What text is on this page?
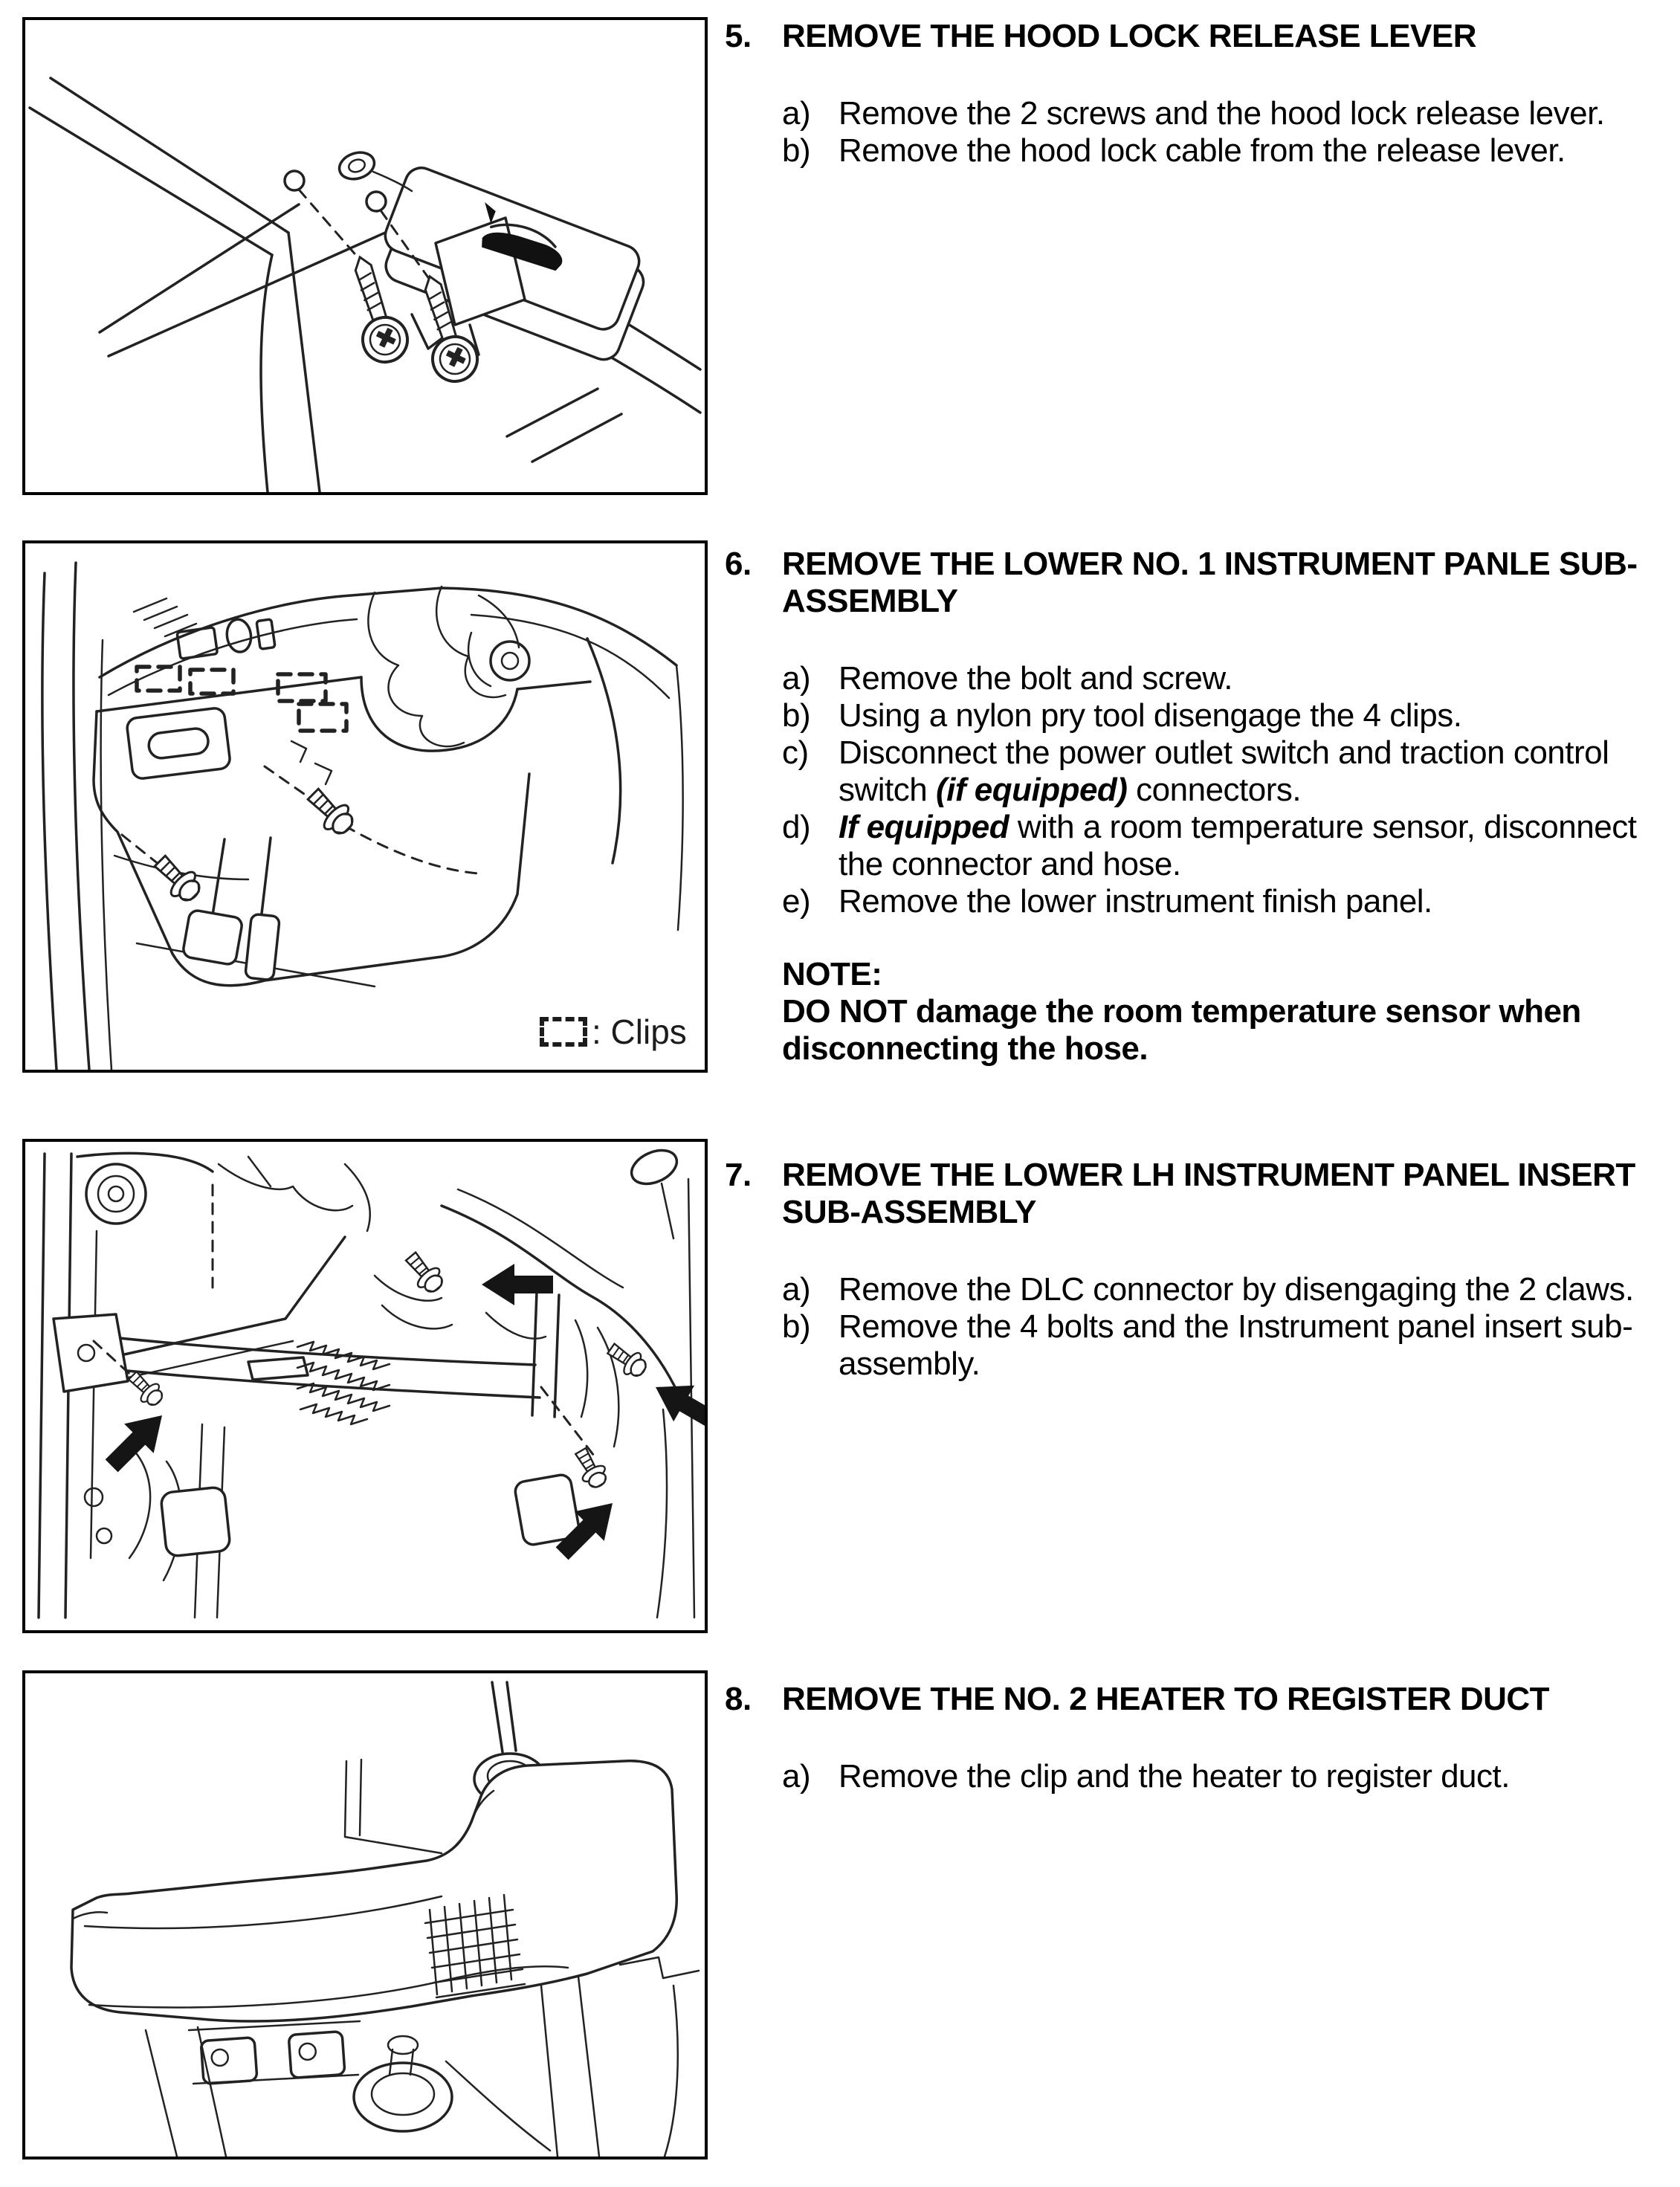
: Clips
5. REMOVE THE HOOD LOCK RELEASE LEVER
a) Remove the 2 screws and the hood lock release lever.
b) Remove the hood lock cable from the release lever.
6. REMOVE THE LOWER NO. 1 INSTRUMENT PANLE SUB-ASSEMBLY
a) Remove the bolt and screw.
b) Using a nylon pry tool disengage the 4 clips.
c) Disconnect the power outlet switch and traction control switch (if equipped) connectors.
d) If equipped with a room temperature sensor, disconnect the connector and hose.
e) Remove the lower instrument finish panel.
NOTE:
DO NOT damage the room temperature sensor when disconnecting the hose.
7. REMOVE THE LOWER LH INSTRUMENT PANEL INSERT SUB-ASSEMBLY
a) Remove the DLC connector by disengaging the 2 claws.
b) Remove the 4 bolts and the Instrument panel insert sub-assembly.
8. REMOVE THE NO. 2 HEATER TO REGISTER DUCT
a) Remove the clip and the heater to register duct.
